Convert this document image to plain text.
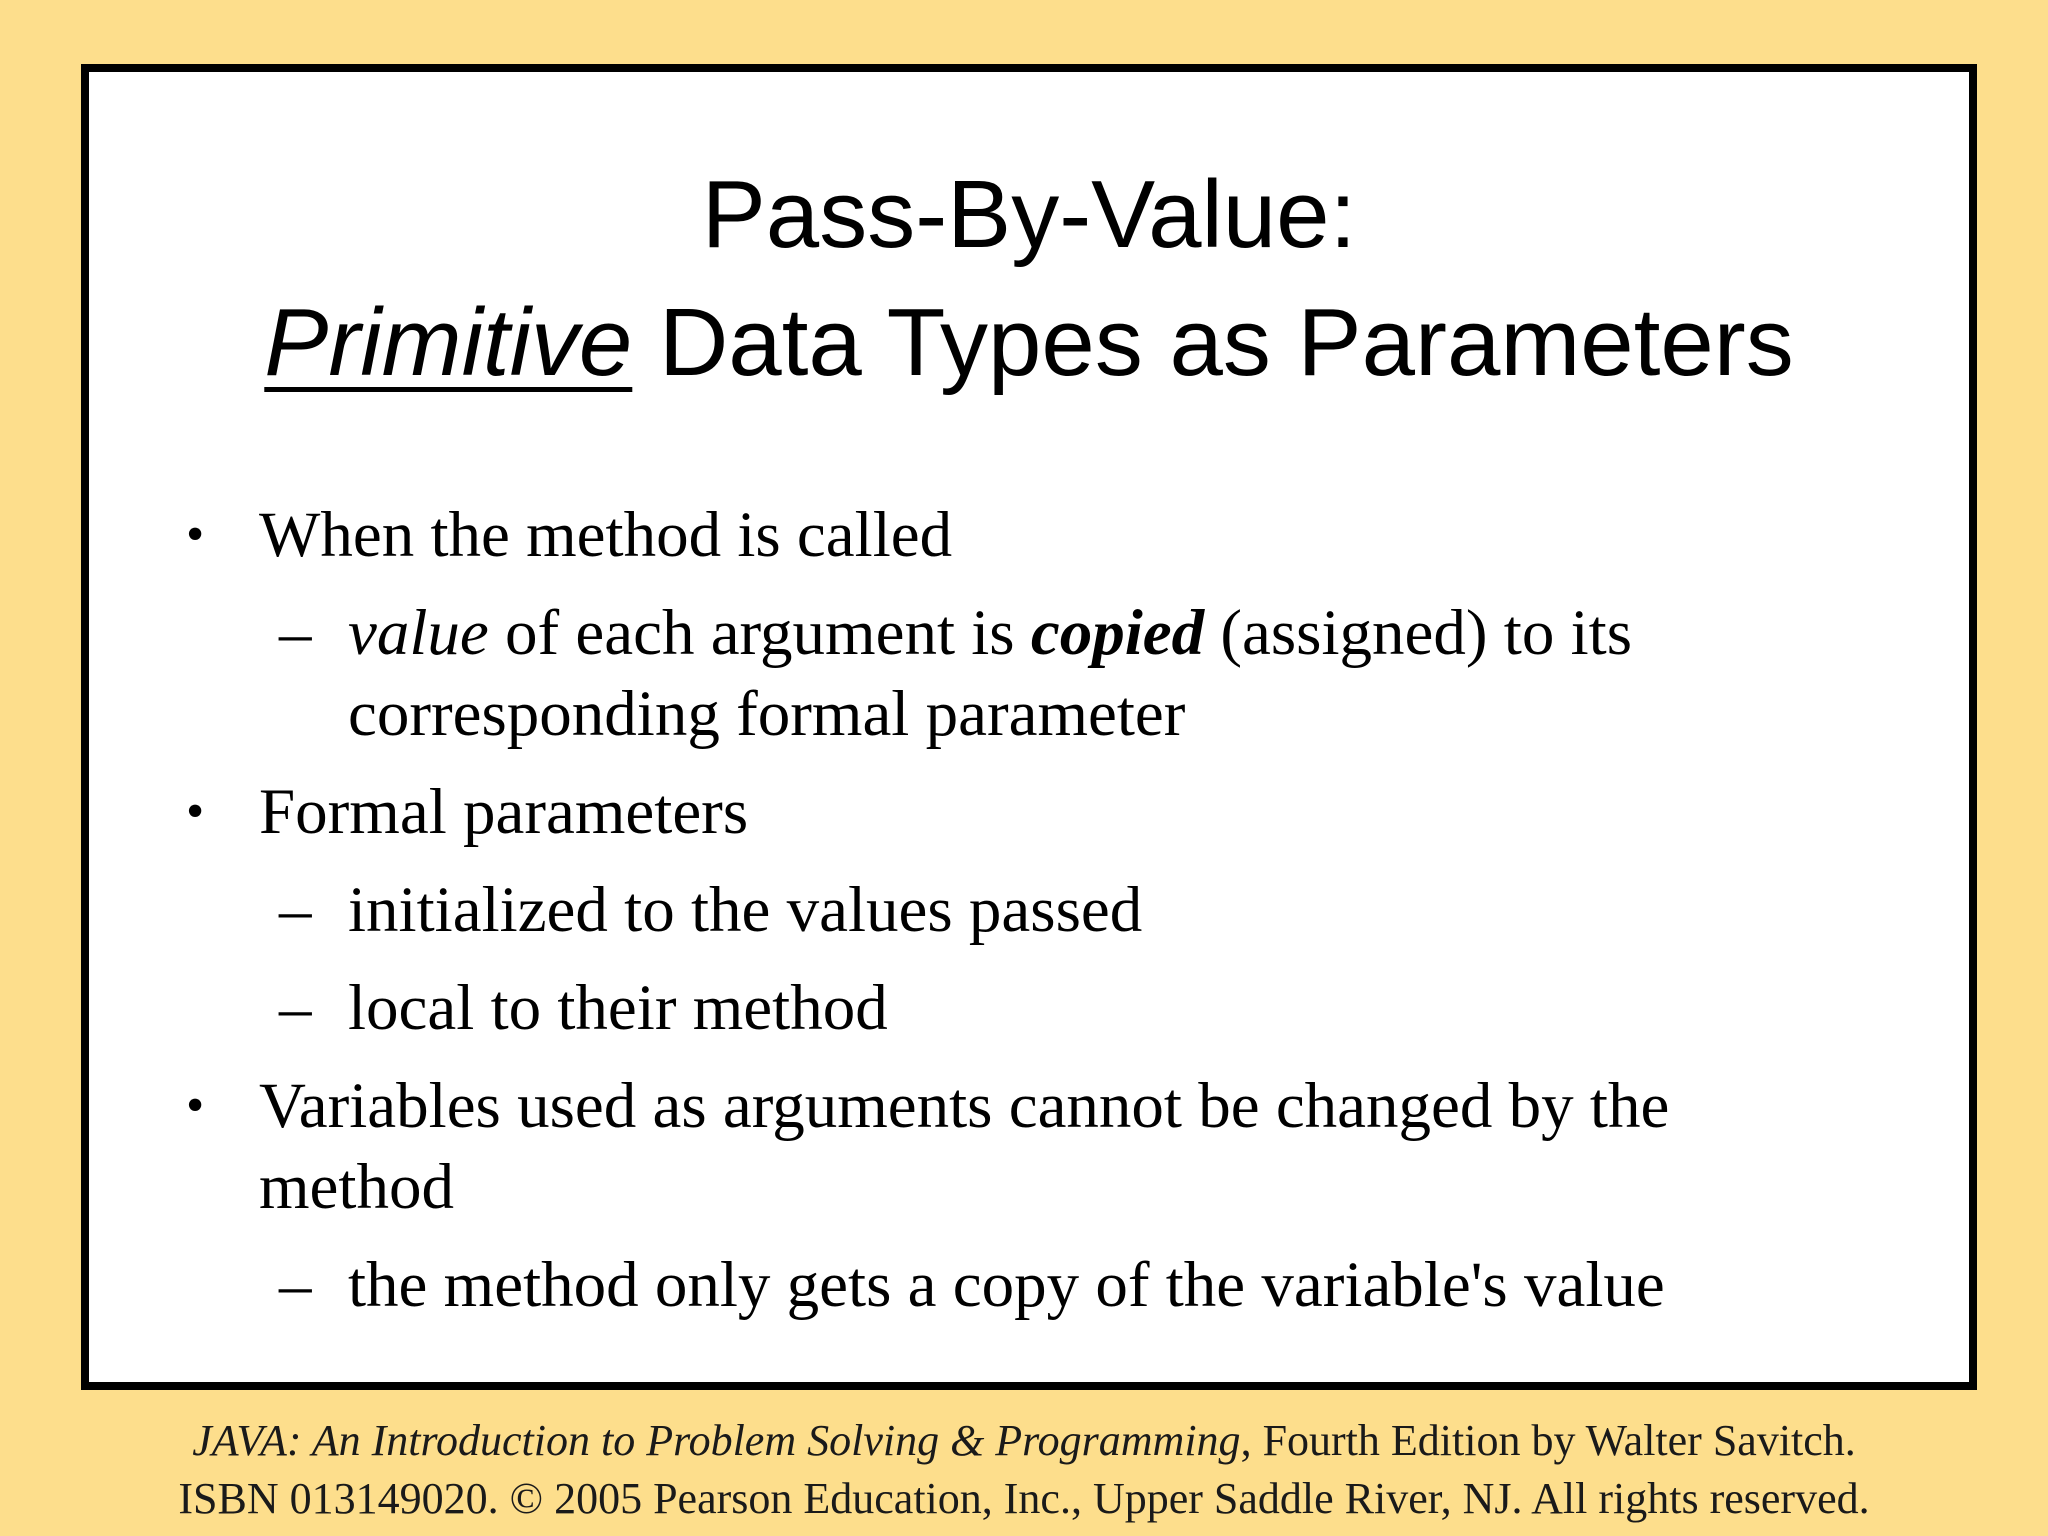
Pass-By-Value:
Primitive Data Types as Parameters
• When the method is called
– value of each argument is copied (assigned) to its
corresponding formal parameter
• Formal parameters
– initialized to the values passed
– local to their method
• Variables used as arguments cannot be changed by the
method
– the method only gets a copy of the variable's value
JAVA: An Introduction to Problem Solving & Programming, Fourth Edition by Walter Savitch.
ISBN 013149020. © 2005 Pearson Education, Inc., Upper Saddle River, NJ. All rights reserved.
